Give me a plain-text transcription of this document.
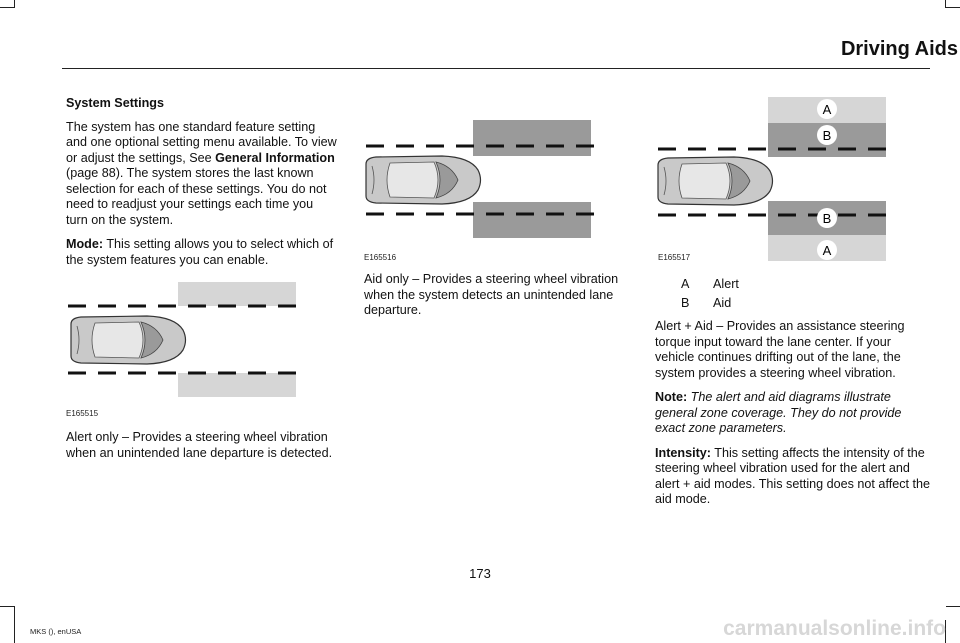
Driving Aids
System Settings

The system has one standard feature setting and one optional setting menu available. To view or adjust the settings, See General Information (page 88). The system stores the last known selection for each of these settings. You do not need to readjust your settings each time you turn on the system.

Mode: This setting allows you to select which of the system features you can enable.

E165515

Alert only – Provides a steering wheel vibration when an unintended lane departure is detected.

E165516

Aid only – Provides a steering wheel vibration when the system detects an unintended lane departure.

A
B
B
A
E165517
A	Alert
B	Aid

Alert + Aid – Provides an assistance steering torque input toward the lane center. If your vehicle continues drifting out of the lane, the system provides a steering wheel vibration.

Note: The alert and aid diagrams illustrate general zone coverage. They do not provide exact zone parameters.

Intensity: This setting affects the intensity of the steering wheel vibration used for the alert and alert + aid modes. This setting does not affect the aid mode.

173
MKS (), enUSA	carmanualsonline.info
